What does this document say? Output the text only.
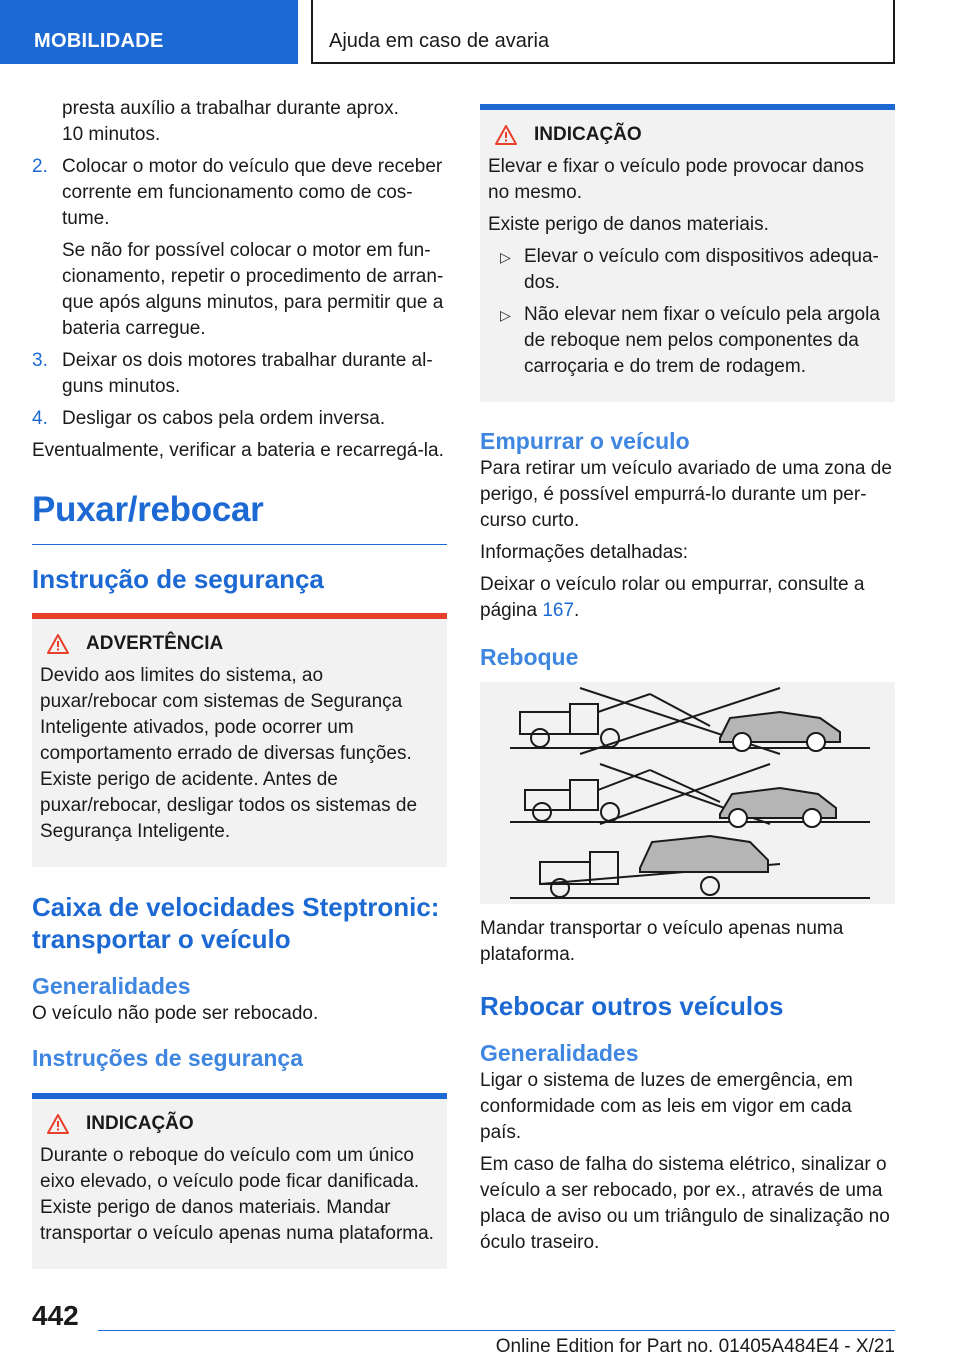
MOBILIDADE	Ajuda em caso de avaria
presta auxílio a trabalhar durante aprox.
10 minutos.
2. Colocar o motor do veículo que deve receber corrente em funcionamento como de costume.
Se não for possível colocar o motor em funcionamento, repetir o procedimento de arranque após alguns minutos, para permitir que a bateria carregue.
3. Deixar os dois motores trabalhar durante alguns minutos.
4. Desligar os cabos pela ordem inversa.
Eventualmente, verificar a bateria e recarregá-la.
Puxar/rebocar
Instrução de segurança
ADVERTÊNCIA
Devido aos limites do sistema, ao puxar/rebocar com sistemas de Segurança Inteligente ativados, pode ocorrer um comportamento errado de diversas funções. Existe perigo de acidente. Antes de puxar/rebocar, desligar todos os sistemas de Segurança Inteligente.
Caixa de velocidades Steptronic: transportar o veículo
Generalidades
O veículo não pode ser rebocado.
Instruções de segurança
INDICAÇÃO
Durante o reboque do veículo com um único eixo elevado, o veículo pode ficar danificada. Existe perigo de danos materiais. Mandar transportar o veículo apenas numa plataforma.
INDICAÇÃO
Elevar e fixar o veículo pode provocar danos no mesmo.
Existe perigo de danos materiais.
▷ Elevar o veículo com dispositivos adequados.
▷ Não elevar nem fixar o veículo pela argola de reboque nem pelos componentes da carroçaria e do trem de rodagem.
Empurrar o veículo
Para retirar um veículo avariado de uma zona de perigo, é possível empurrá-lo durante um percurso curto.
Informações detalhadas:
Deixar o veículo rolar ou empurrar, consulte a página 167.
Reboque
Mandar transportar o veículo apenas numa plataforma.
Rebocar outros veículos
Generalidades
Ligar o sistema de luzes de emergência, em conformidade com as leis em vigor em cada país.
Em caso de falha do sistema elétrico, sinalizar o veículo a ser rebocado, por ex., através de uma placa de aviso ou um triângulo de sinalização no óculo traseiro.
442
Online Edition for Part no. 01405A484E4 - X/21
